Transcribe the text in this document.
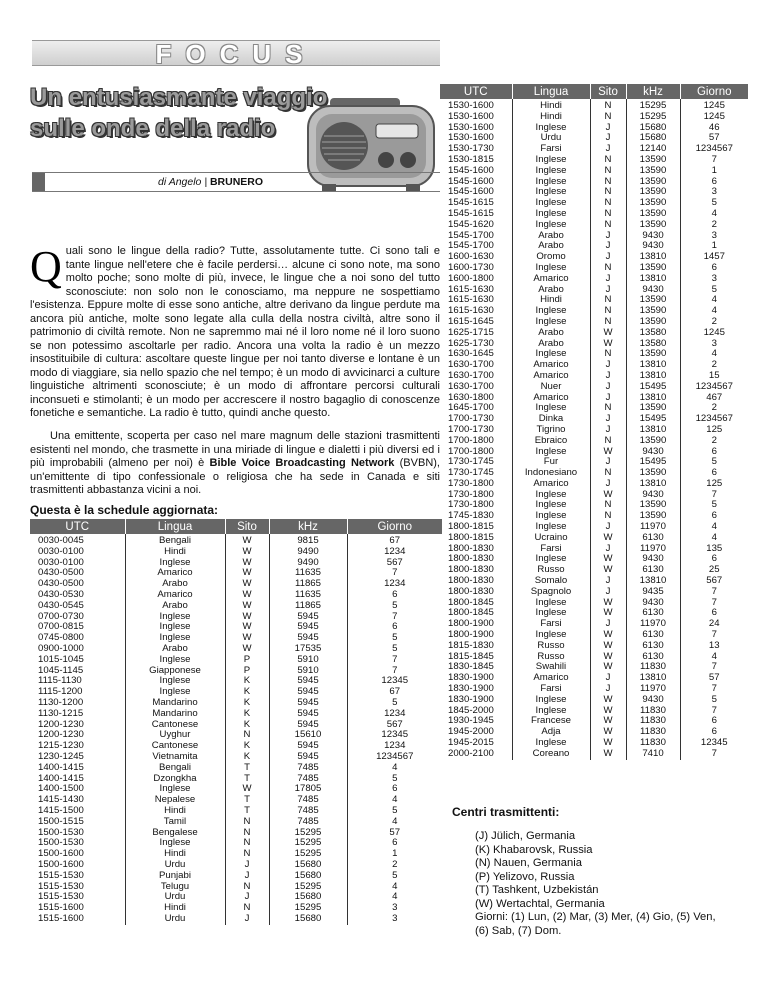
FOCUS
Un entusiasmante viaggio sulle onde della radio
di Angelo | BRUNERO
Quali sono le lingue della radio? Tutte, assolutamente tutte. Ci sono tali e tante lingue nell'etere che è facile perdersi… alcune ci sono note, ma sono molto poche; sono molte di più, invece, le lingue che a noi sono del tutto sconosciute: non solo non le conosciamo, ma neppure ne sospettiamo l'esistenza. Eppure molte di esse sono antiche, altre derivano da lingue perdute ma ancora più antiche, molte sono legate alla culla della nostra civiltà, altre sono il patrimonio di civiltà remote. Non ne sapremmo mai né il loro nome né il loro suono se non potessimo ascoltarle per radio. Ancora una volta la radio è un mezzo insostituibile di cultura: ascoltare queste lingue per noi tanto diverse e lontane è un modo di viaggiare, sia nello spazio che nel tempo; è un modo di avvicinarci a culture linguistiche altrimenti sconosciute; è un modo di affrontare percorsi culturali inconsueti e stimolanti; è un modo per accrescere il nostro bagaglio di conoscenze fonetiche e semantiche. La radio è tutto, quindi anche questo.
Una emittente, scoperta per caso nel mare magnum delle stazioni trasmittenti esistenti nel mondo, che trasmette in una miriade di lingue e dialetti i più diversi ed i più improbabili (almeno per noi) è Bible Voice Broadcasting Network (BVBN), un'emittente di tipo confessionale o religiosa che ha sede in Canada e siti trasmittenti abbastanza vicini a noi.
Questa è la schedule aggiornata:
UTC	Lingua	Sito	kHz	Giorno
0030-0045	Bengali	W	9815	67
0030-0100	Hindi	W	9490	1234
0030-0100	Inglese	W	9490	567
0430-0500	Amarico	W	11635	7
0430-0500	Arabo	W	11865	1234
0430-0530	Amarico	W	11635	6
0430-0545	Arabo	W	11865	5
0700-0730	Inglese	W	5945	7
0700-0815	Inglese	W	5945	6
0745-0800	Inglese	W	5945	5
0900-1000	Arabo	W	17535	5
1015-1045	Inglese	P	5910	7
1045-1145	Giapponese	P	5910	7
1115-1130	Inglese	K	5945	12345
1115-1200	Inglese	K	5945	67
1130-1200	Mandarino	K	5945	5
1130-1215	Mandarino	K	5945	1234
1200-1230	Cantonese	K	5945	567
1200-1230	Uyghur	N	15610	12345
1215-1230	Cantonese	K	5945	1234
1230-1245	Vietnamita	K	5945	1234567
1400-1415	Bengali	T	7485	4
1400-1415	Dzongkha	T	7485	5
1400-1500	Inglese	W	17805	6
1415-1430	Nepalese	T	7485	4
1415-1500	Hindi	T	7485	5
1500-1515	Tamil	N	7485	4
1500-1530	Bengalese	N	15295	57
1500-1530	Inglese	N	15295	6
1500-1600	Hindi	N	15295	1
1500-1600	Urdu	J	15680	2
1515-1530	Punjabi	J	15680	5
1515-1530	Telugu	N	15295	4
1515-1530	Urdu	J	15680	4
1515-1600	Hindi	N	15295	3
1515-1600	Urdu	J	15680	3
UTC	Lingua	Sito	kHz	Giorno
1530-1600	Hindi	N	15295	1245
1530-1600	Hindi	N	15295	1245
1530-1600	Inglese	J	15680	46
1530-1600	Urdu	J	15680	57
1530-1730	Farsi	J	12140	1234567
1530-1815	Inglese	N	13590	7
1545-1600	Inglese	N	13590	1
1545-1600	Inglese	N	13590	6
1545-1600	Inglese	N	13590	3
1545-1615	Inglese	N	13590	5
1545-1615	Inglese	N	13590	4
1545-1620	Inglese	N	13590	2
1545-1700	Arabo	J	9430	3
1545-1700	Arabo	J	9430	1
1600-1630	Oromo	J	13810	1457
1600-1730	Inglese	N	13590	6
1600-1800	Amarico	J	13810	3
1615-1630	Arabo	J	9430	5
1615-1630	Hindi	N	13590	4
1615-1630	Inglese	N	13590	4
1615-1645	Inglese	N	13590	2
1625-1715	Arabo	W	13580	1245
1625-1730	Arabo	W	13580	3
1630-1645	Inglese	N	13590	4
1630-1700	Amarico	J	13810	2
1630-1700	Amarico	J	13810	15
1630-1700	Nuer	J	15495	1234567
1630-1800	Amarico	J	13810	467
1645-1700	Inglese	N	13590	2
1700-1730	Dinka	J	15495	1234567
1700-1730	Tigrino	J	13810	125
1700-1800	Ebraico	N	13590	2
1700-1800	Inglese	W	9430	6
1730-1745	Fur	J	15495	5
1730-1745	Indonesiano	N	13590	6
1730-1800	Amarico	J	13810	125
1730-1800	Inglese	W	9430	7
1730-1800	Inglese	N	13590	5
1745-1830	Inglese	N	13590	6
1800-1815	Inglese	J	11970	4
1800-1815	Ucraino	W	6130	4
1800-1830	Farsi	J	11970	135
1800-1830	Inglese	W	9430	6
1800-1830	Russo	W	6130	25
1800-1830	Somalo	J	13810	567
1800-1830	Spagnolo	J	9435	7
1800-1845	Inglese	W	9430	7
1800-1845	Inglese	W	6130	6
1800-1900	Farsi	J	11970	24
1800-1900	Inglese	W	6130	7
1815-1830	Russo	W	6130	13
1815-1845	Russo	W	6130	4
1830-1845	Swahili	W	11830	7
1830-1900	Amarico	J	13810	57
1830-1900	Farsi	J	11970	7
1830-1900	Inglese	W	9430	5
1845-2000	Inglese	W	11830	7
1930-1945	Francese	W	11830	6
1945-2000	Adja	W	11830	6
1945-2015	Inglese	W	11830	12345
2000-2100	Coreano	W	7410	7
Centri trasmittenti:
(J) Jülich, Germania
(K) Khabarovsk, Russia
(N) Nauen, Germania
(P) Yelizovo, Russia
(T) Tashkent, Uzbekistán
(W) Wertachtal, Germania
Giorni: (1) Lun, (2) Mar, (3) Mer, (4) Gio, (5) Ven,
(6) Sab, (7) Dom.
